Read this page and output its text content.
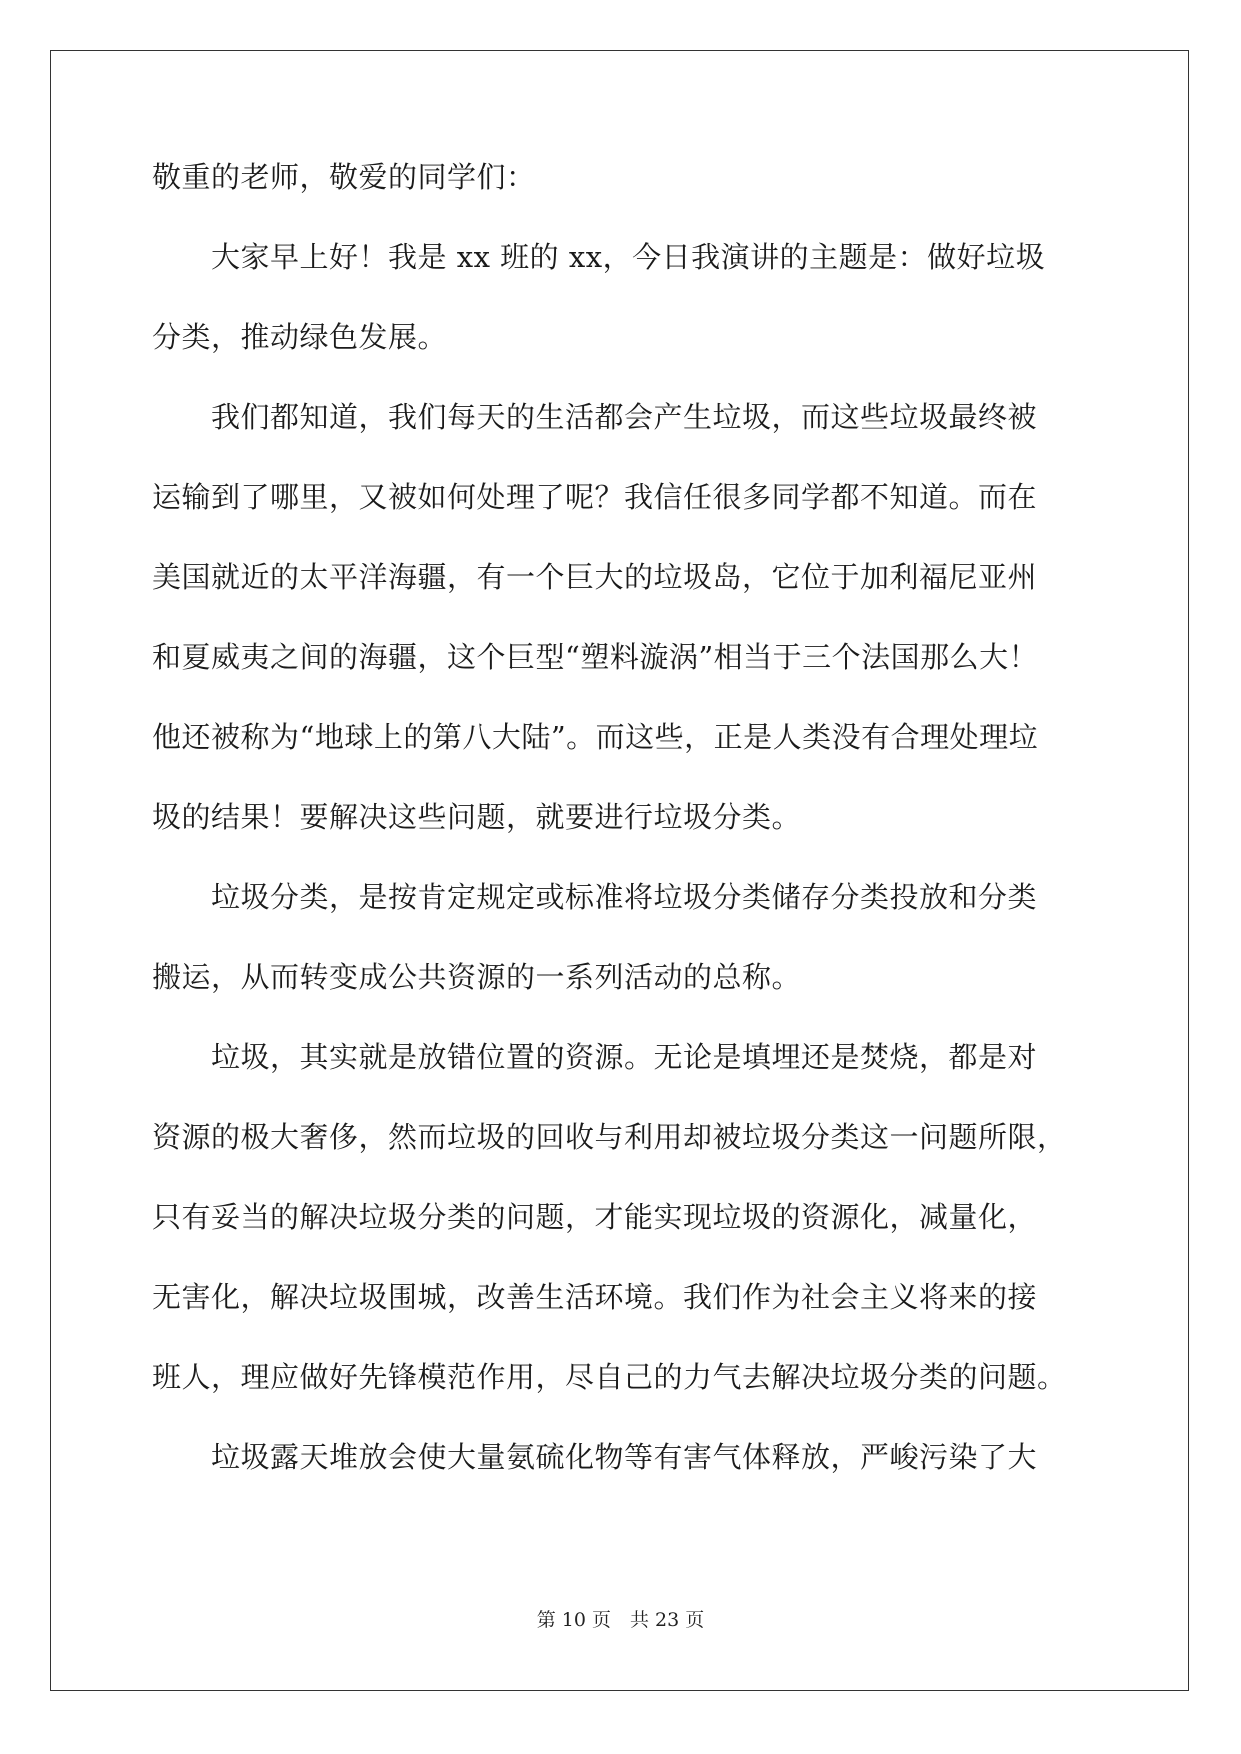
敬重的老师，敬爱的同学们：
　　大家早上好！我是 xx 班的 xx，今日我演讲的主题是：做好垃圾
分类，推动绿色发展。
　　我们都知道，我们每天的生活都会产生垃圾，而这些垃圾最终被
运输到了哪里，又被如何处理了呢？我信任很多同学都不知道。而在
美国就近的太平洋海疆，有一个巨大的垃圾岛，它位于加利福尼亚州
和夏威夷之间的海疆，这个巨型“塑料漩涡”相当于三个法国那么大！
他还被称为“地球上的第八大陆”。而这些，正是人类没有合理处理垃
圾的结果！要解决这些问题，就要进行垃圾分类。
　　垃圾分类，是按肯定规定或标准将垃圾分类储存分类投放和分类
搬运，从而转变成公共资源的一系列活动的总称。
　　垃圾，其实就是放错位置的资源。无论是填埋还是焚烧，都是对
资源的极大奢侈，然而垃圾的回收与利用却被垃圾分类这一问题所限，
只有妥当的解决垃圾分类的问题，才能实现垃圾的资源化，减量化，
无害化，解决垃圾围城，改善生活环境。我们作为社会主义将来的接
班人，理应做好先锋模范作用，尽自己的力气去解决垃圾分类的问题。
　　垃圾露天堆放会使大量氨硫化物等有害气体释放，严峻污染了大
第 10 页　共 23 页
